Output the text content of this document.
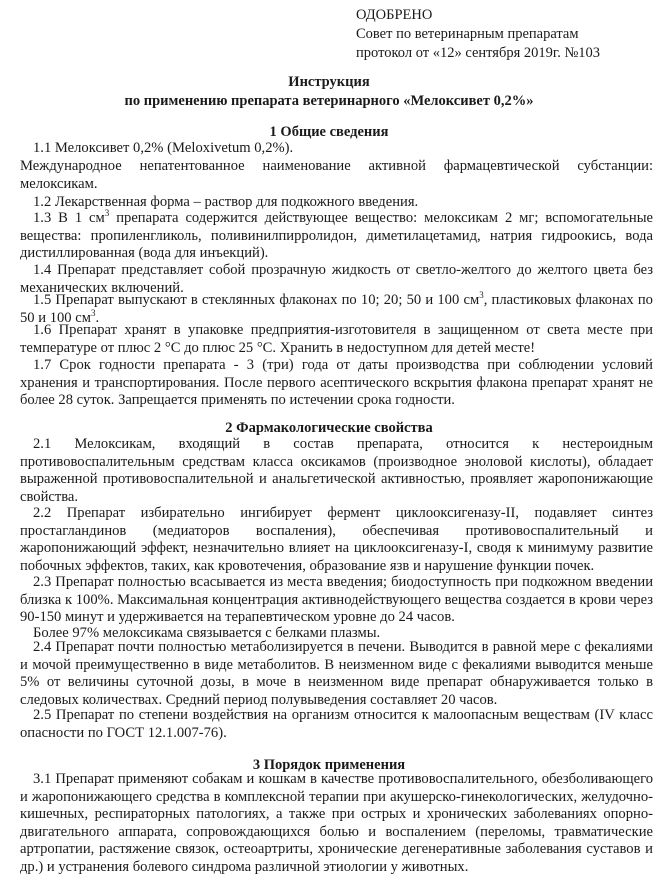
ОДОБРЕНО
Совет по ветеринарным препаратам
протокол от «12» сентября 2019г. №103
Инструкция
по применению препарата ветеринарного «Мелоксивет 0,2%»
1 Общие сведения

1.1 Мелоксивет 0,2% (Meloxivetum 0,2%).

Международное непатентованное наименование активной фармацевтической субстанции: мелоксикам.

1.2 Лекарственная форма – раствор для подкожного введения.

1.3 В 1 $см^3$ препарата содержится действующее вещество: мелоксикам 2 мг; вспомогательные вещества: пропиленгликоль, поливинилпирролидон, диметилацетамид, натрия гидроокись, вода дистиллированная (вода для инъекций).

1.4 Препарат представляет собой прозрачную жидкость от светло-желтого до желтого цвета без механических включений.

1.5 Препарат выпускают в стеклянных флаконах по 10; 20; 50 и 100 $см^3$, пластиковых флаконах по 50 и 100 $см^3$.

1.6 Препарат хранят в упаковке предприятия-изготовителя в защищенном от света месте при температуре от плюс 2 °С до плюс 25 °С. Хранить в недоступном для детей месте!

1.7 Срок годности препарата - 3 (три) года от даты производства при соблюдении условий хранения и транспортирования. После первого асептического вскрытия флакона препарат хранят не более 28 суток. Запрещается применять по истечении срока годности.

2 Фармакологические свойства

2.1 Мелоксикам, входящий в состав препарата, относится к нестероидным противовоспалительным средствам класса оксикамов (производное эноловой кислоты), обладает выраженной противовоспалительной и анальгетической активностью, проявляет жаропонижающие свойства.

2.2 Препарат избирательно ингибирует фермент циклооксигеназу-II, подавляет синтез простагландинов (медиаторов воспаления), обеспечивая противовоспалительный и жаропонижающий эффект, незначительно влияет на циклооксигеназу-I, сводя к минимуму развитие побочных эффектов, таких, как кровотечения, образование язв и нарушение функции почек.

2.3 Препарат полностью всасывается из места введения; биодоступность при подкожном введении близка к 100%. Максимальная концентрация активнодействующего вещества создается в крови через 90-150 минут и удерживается на терапевтическом уровне до 24 часов.

Более 97% мелоксикама связывается с белками плазмы.

2.4 Препарат почти полностью метаболизируется в печени. Выводится в равной мере с фекалиями и мочой преимущественно в виде метаболитов. В неизменном виде с фекалиями выводится меньше 5% от величины суточной дозы, в моче в неизменном виде препарат обнаруживается только в следовых количествах. Средний период полувыведения составляет 20 часов.

2.5 Препарат по степени воздействия на организм относится к малоопасным веществам (IV класс опасности по ГОСТ 12.1.007-76).

3 Порядок применения

3.1 Препарат применяют собакам и кошкам в качестве противовоспалительного, обезболивающего и жаропонижающего средства в комплексной терапии при акушерско-гинекологических, желудочно-кишечных, респираторных патологиях, а также при острых и хронических заболеваниях опорно-двигательного аппарата, сопровождающихся болью и воспалением (переломы, травматические артропатии, растяжение связок, остеоартриты, хронические дегенеративные заболевания суставов и др.) и устранения болевого синдрома различной этиологии у животных.
